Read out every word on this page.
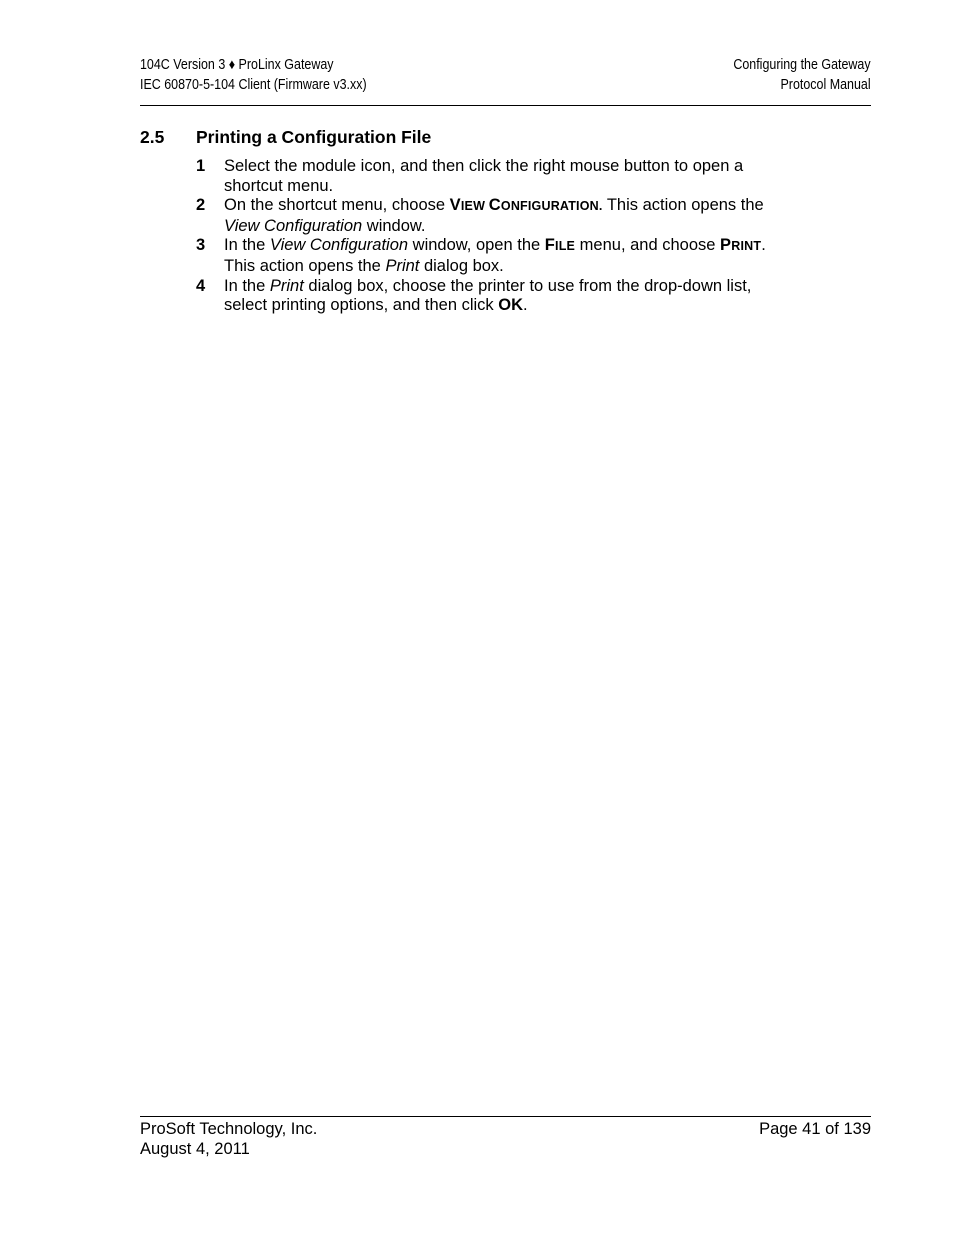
104C Version 3 ♦ ProLinx Gateway
IEC 60870-5-104 Client (Firmware v3.xx)
Configuring the Gateway
Protocol Manual
2.5 Printing a Configuration File
1 Select the module icon, and then click the right mouse button to open a
shortcut menu.
2 On the shortcut menu, choose VIEW CONFIGURATION. This action opens the
View Configuration window.
3 In the View Configuration window, open the FILE menu, and choose PRINT.
This action opens the Print dialog box.
4 In the Print dialog box, choose the printer to use from the drop-down list,
select printing options, and then click OK.
ProSoft Technology, Inc.
August 4, 2011
Page 41 of 139
